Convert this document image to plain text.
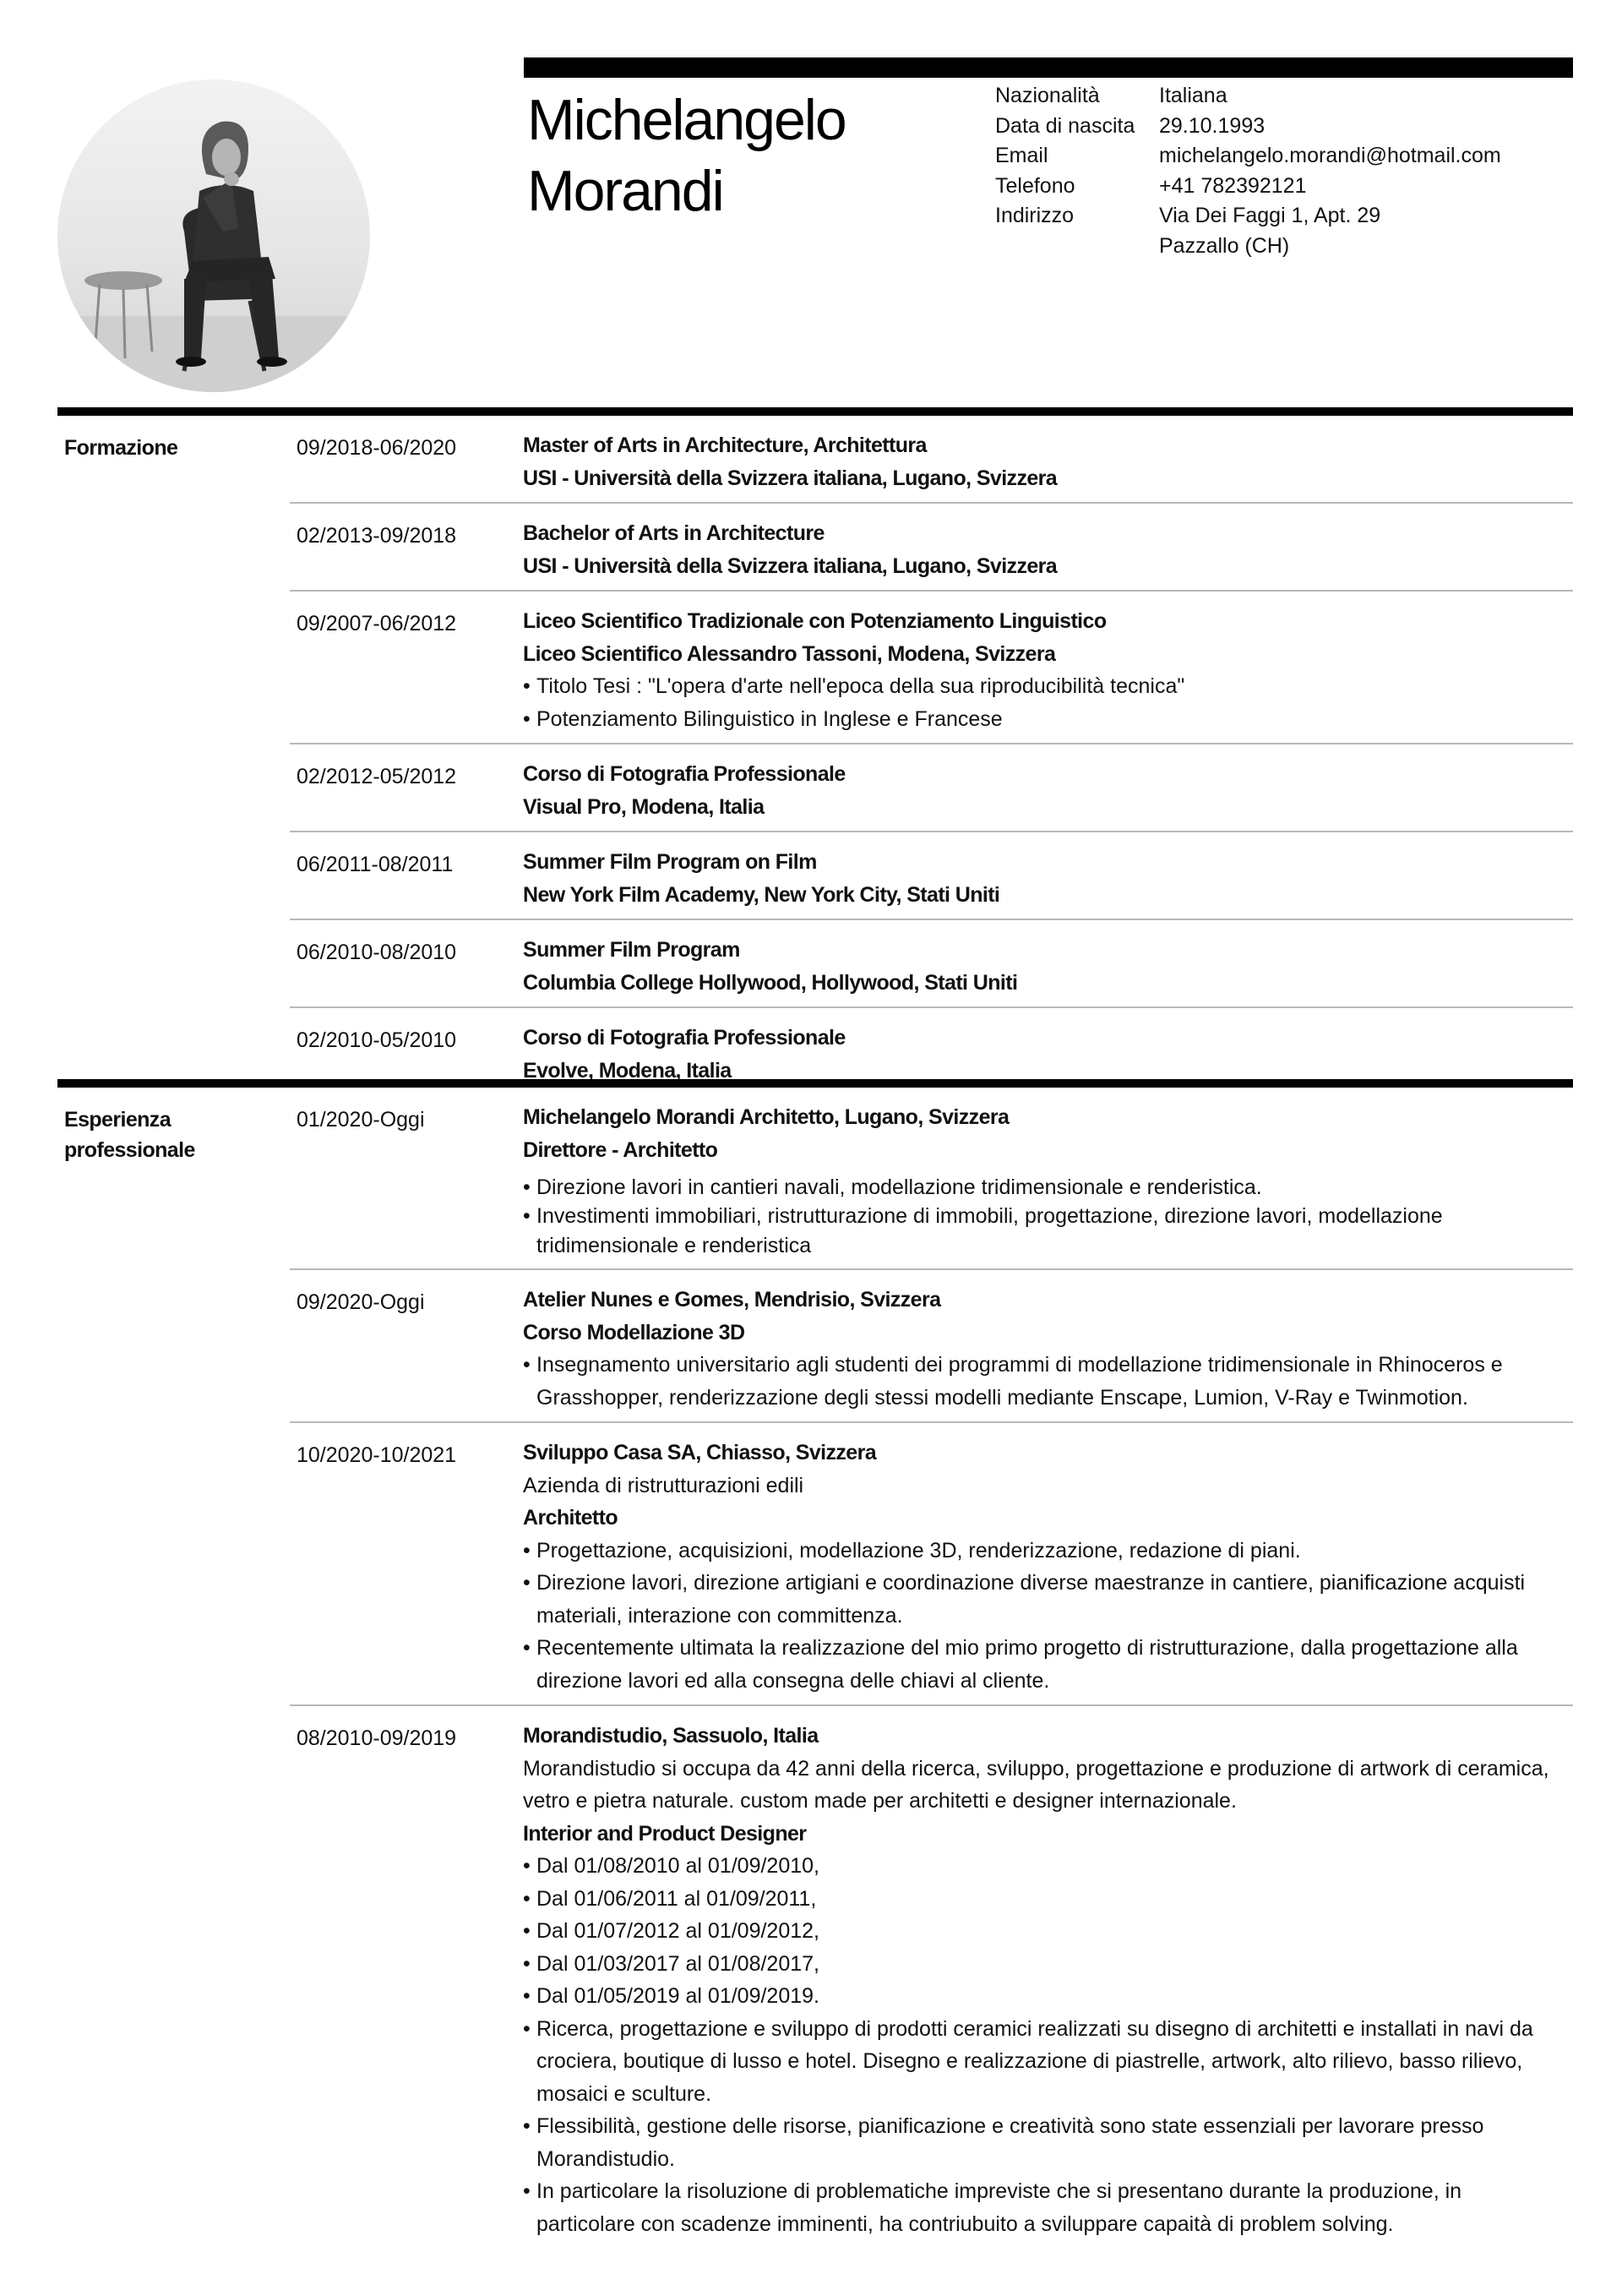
Michelangelo
Morandi
Nazionalità	Italiana
Data di nascita	29.10.1993
Email	michelangelo.morandi@hotmail.com
Telefono	+41 782392121
Indirizzo	Via Dei Faggi 1, Apt. 29
Pazzallo (CH)
Formazione	09/2018-06/2020	Master of Arts in Architecture, Architettura
USI - Università della Svizzera italiana, Lugano, Svizzera
02/2013-09/2018	Bachelor of Arts in Architecture
USI - Università della Svizzera italiana, Lugano, Svizzera
09/2007-06/2012	Liceo Scientifico Tradizionale con Potenziamento Linguistico
Liceo Scientifico Alessandro Tassoni, Modena, Svizzera
• Titolo Tesi : "L'opera d'arte nell'epoca della sua riproducibilità tecnica"
• Potenziamento Bilinguistico in Inglese e Francese
02/2012-05/2012	Corso di Fotografia Professionale
Visual Pro, Modena, Italia
06/2011-08/2011	Summer Film Program on Film
New York Film Academy, New York City, Stati Uniti
06/2010-08/2010	Summer Film Program
Columbia College Hollywood, Hollywood, Stati Uniti
02/2010-05/2010	Corso di Fotografia Professionale
Evolve, Modena, Italia
Esperienza
professionale
01/2020-Oggi	Michelangelo Morandi Architetto, Lugano, Svizzera
Direttore - Architetto
• Direzione lavori in cantieri navali, modellazione tridimensionale e renderistica.
• Investimenti immobiliari, ristrutturazione di immobili, progettazione, direzione lavori, modellazione tridimensionale e renderistica
09/2020-Oggi	Atelier Nunes e Gomes, Mendrisio, Svizzera
Corso Modellazione 3D
• Insegnamento universitario agli studenti dei programmi di modellazione tridimensionale in Rhinoceros e Grasshopper, renderizzazione degli stessi modelli mediante Enscape, Lumion, V-Ray e Twinmotion.
10/2020-10/2021	Sviluppo Casa SA, Chiasso, Svizzera
Azienda di ristrutturazioni edili
Architetto
• Progettazione, acquisizioni, modellazione 3D, renderizzazione, redazione di piani.
• Direzione lavori, direzione artigiani e coordinazione diverse maestranze in cantiere, pianificazione acquisti materiali, interazione con committenza.
• Recentemente ultimata la realizzazione del mio primo progetto di ristrutturazione, dalla progettazione alla direzione lavori ed alla consegna delle chiavi al cliente.
08/2010-09/2019	Morandistudio, Sassuolo, Italia
Morandistudio si occupa da 42 anni della ricerca, sviluppo, progettazione e produzione di artwork di ceramica, vetro e pietra naturale. custom made per architetti e designer internazionale.
Interior and Product Designer
• Dal 01/08/2010 al 01/09/2010,
• Dal 01/06/2011 al 01/09/2011,
• Dal 01/07/2012 al 01/09/2012,
• Dal 01/03/2017 al 01/08/2017,
• Dal 01/05/2019 al 01/09/2019.
• Ricerca, progettazione e sviluppo di prodotti ceramici realizzati su disegno di architetti e installati in navi da crociera, boutique di lusso e hotel. Disegno e realizzazione di piastrelle, artwork, alto rilievo, basso rilievo, mosaici e sculture.
• Flessibilità, gestione delle risorse, pianificazione e creatività sono state essenziali per lavorare presso Morandistudio.
• In particolare la risoluzione di problematiche impreviste che si presentano durante la produzione, in particolare con scadenze imminenti, ha contriubuito a sviluppare capaità di problem solving.
